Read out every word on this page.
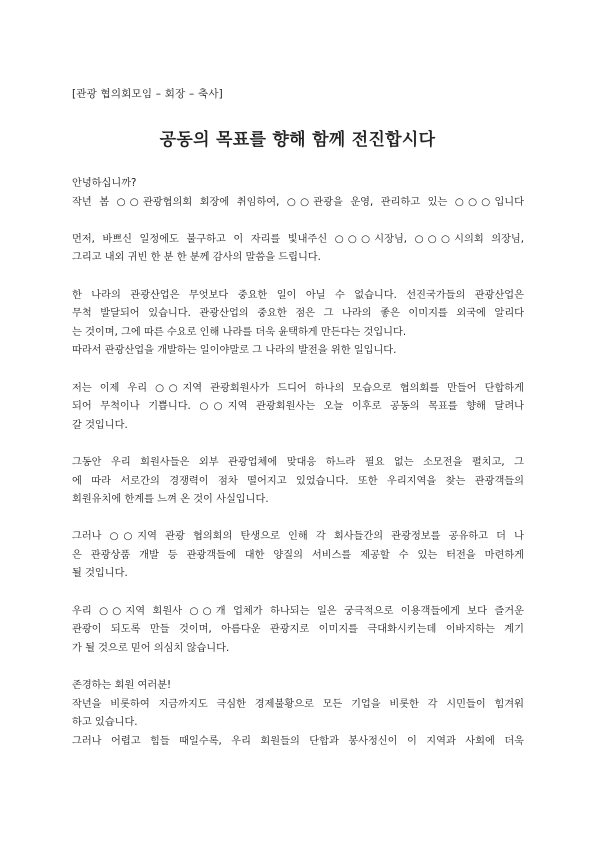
[관광 협의회모임 – 회장 – 축사]
공동의 목표를 향해 함께 전진합시다
안녕하십니까?
작년 봄 ○○관광협의회 회장에 취임하여, ○○관광을 운영, 관리하고 있는 ○○○입니다
먼저, 바쁘신 일정에도 불구하고 이 자리를 빛내주신 ○○○시장님, ○○○시의회 의장님,
그리고 내외 귀빈 한 분 한 분께 감사의 말씀을 드립니다.
한 나라의 관광산업은 무엇보다 중요한 일이 아닐 수 없습니다. 선진국가들의 관광산업은
무척 발달되어 있습니다. 관광산업의 중요한 점은 그 나라의 좋은 이미지를 외국에 알리다
는 것이며, 그에 따른 수요로 인해 나라를 더욱 윤택하게 만든다는 것입니다.
따라서 관광산업을 개발하는 일이야말로 그 나라의 발전을 위한 일입니다.
저는 이제 우리 ○○지역 관광회원사가 드디어 하나의 모습으로 협의회를 만들어 단합하게
되어 무척이나 기쁩니다. ○○지역 관광회원사는 오늘 이후로 공동의 목표를 향해 달려나
갈 것입니다.
그동안 우리 회원사들은 외부 관광업체에 맞대응 하느라 필요 없는 소모전을 펼치고, 그
에 따라 서로간의 경쟁력이 점차 떨어지고 있었습니다. 또한 우리지역을 찾는 관광객들의
회원유치에 한계를 느껴 온 것이 사실입니다.
그러나 ○○지역 관광 협의회의 탄생으로 인해 각 회사들간의 관광정보를 공유하고 더 나
은 관광상품 개발 등 관광객들에 대한 양질의 서비스를 제공할 수 있는 터전을 마련하게
될 것입니다.
우리 ○○지역 회원사 ○○개 업체가 하나되는 일은 궁극적으로 이용객들에게 보다 즐거운
관광이 되도록 만들 것이며, 아름다운 관광지로 이미지를 극대화시키는데 이바지하는 계기
가 될 것으로 믿어 의심치 않습니다.
존경하는 회원 여러분!
작년을 비롯하여 지금까지도 극심한 경제불황으로 모든 기업을 비롯한 각 시민들이 힘겨워
하고 있습니다.
그러나 어렵고 힘들 때일수록, 우리 회원들의 단합과 봉사정신이 이 지역과 사회에 더욱
